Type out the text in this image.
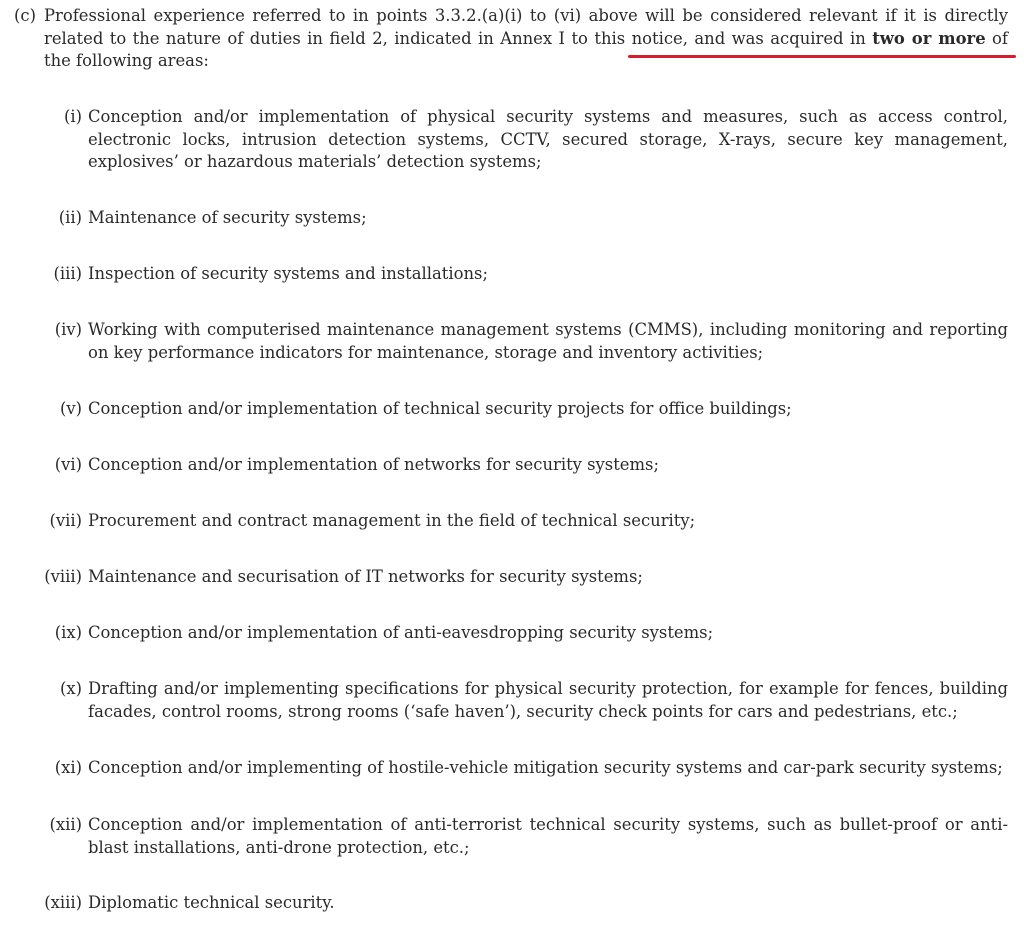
(c) Professional experience referred to in points 3.3.2.(a)(i) to (vi) above will be considered relevant if it is directly related to the nature of duties in field 2, indicated in Annex I to this notice, and was acquired in two or more of the following areas:
(i) Conception and/or implementation of physical security systems and measures, such as access control, electronic locks, intrusion detection systems, CCTV, secured storage, X-rays, secure key management, explosives’ or hazardous materials’ detection systems;
(ii) Maintenance of security systems;
(iii) Inspection of security systems and installations;
(iv) Working with computerised maintenance management systems (CMMS), including monitoring and reporting on key performance indicators for maintenance, storage and inventory activities;
(v) Conception and/or implementation of technical security projects for office buildings;
(vi) Conception and/or implementation of networks for security systems;
(vii) Procurement and contract management in the field of technical security;
(viii) Maintenance and securisation of IT networks for security systems;
(ix) Conception and/or implementation of anti-eavesdropping security systems;
(x) Drafting and/or implementing specifications for physical security protection, for example for fences, building facades, control rooms, strong rooms (‘safe haven’), security check points for cars and pedestrians, etc.;
(xi) Conception and/or implementing of hostile-vehicle mitigation security systems and car-park security systems;
(xii) Conception and/or implementation of anti-terrorist technical security systems, such as bullet-proof or anti-blast installations, anti-drone protection, etc.;
(xiii) Diplomatic technical security.
